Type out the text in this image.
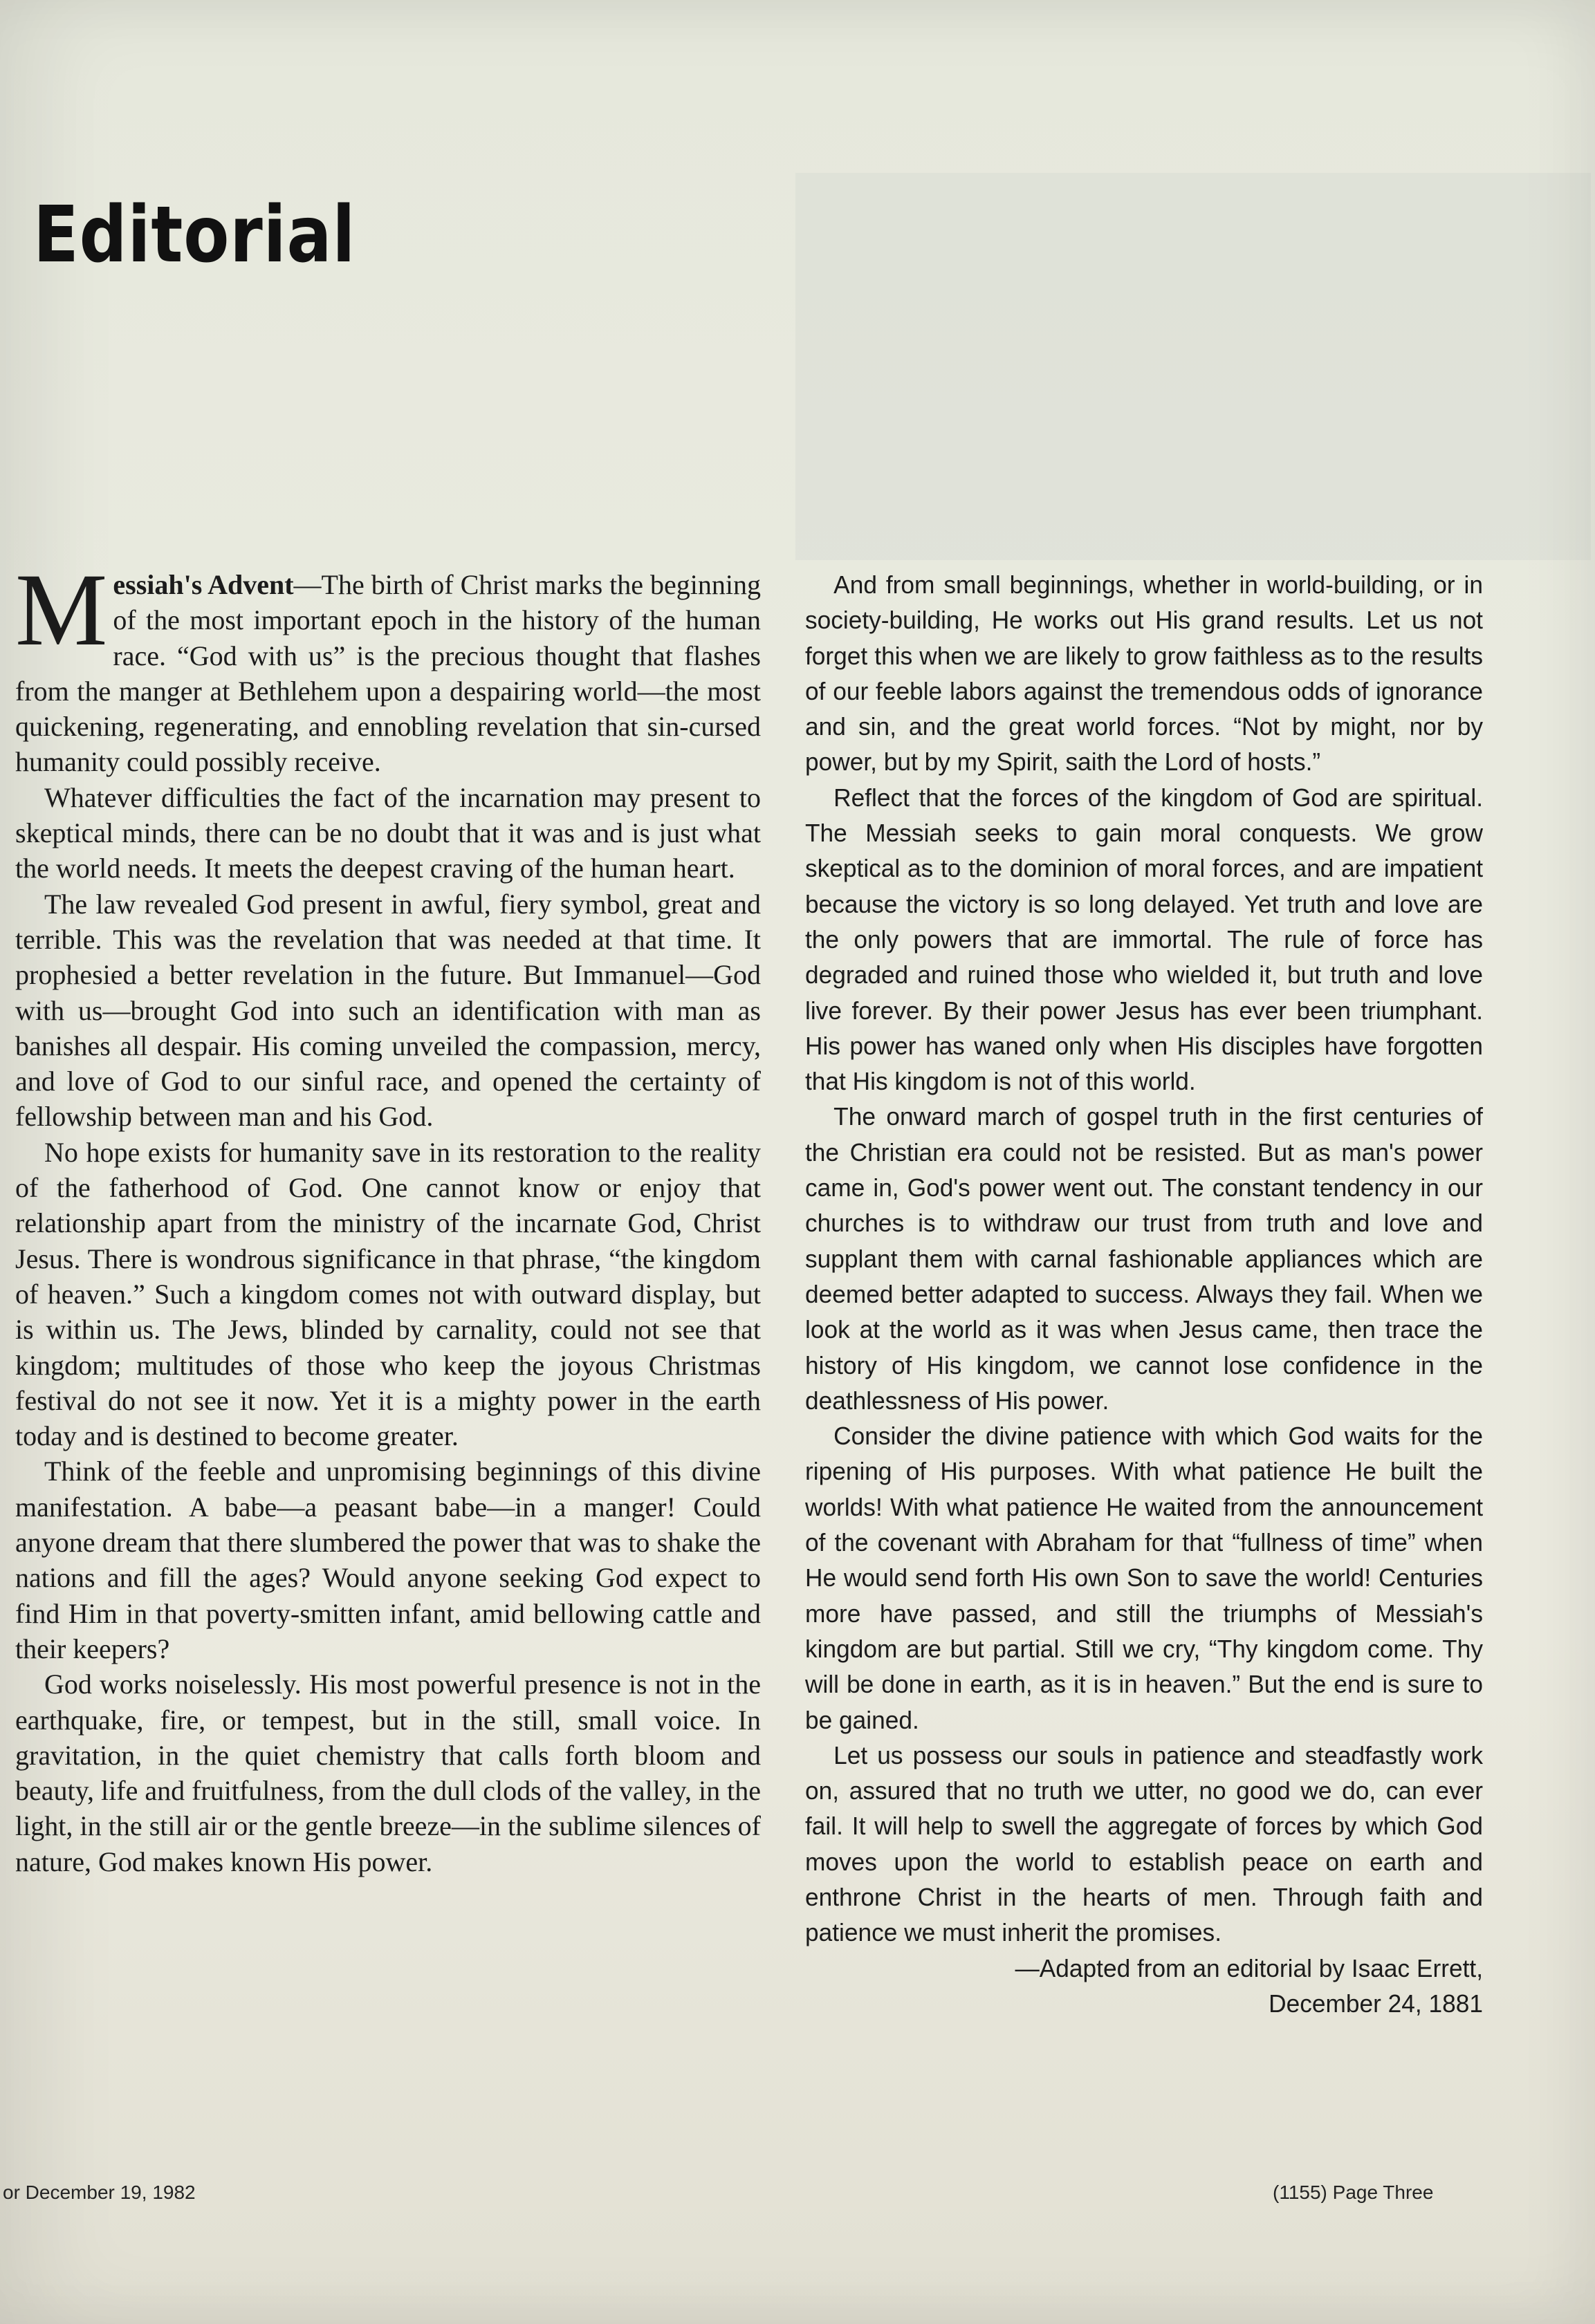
Editorial

Messiah's Advent—The birth of Christ marks the beginning of the most important epoch in the history of the human race. “God with us” is the precious thought that flashes from the manger at Bethlehem upon a despairing world—the most quickening, regenerating, and ennobling revelation that sin-cursed humanity could possibly receive.

Whatever difficulties the fact of the incarnation may present to skeptical minds, there can be no doubt that it was and is just what the world needs. It meets the deepest craving of the human heart.

The law revealed God present in awful, fiery symbol, great and terrible. This was the revelation that was needed at that time. It prophesied a better revelation in the future. But Immanuel—God with us—brought God into such an identification with man as banishes all despair. His coming unveiled the compassion, mercy, and love of God to our sinful race, and opened the certainty of fellowship between man and his God.

No hope exists for humanity save in its restoration to the reality of the fatherhood of God. One cannot know or enjoy that relationship apart from the ministry of the incarnate God, Christ Jesus. There is wondrous significance in that phrase, “the kingdom of heaven.” Such a kingdom comes not with outward display, but is within us. The Jews, blinded by carnality, could not see that kingdom; multitudes of those who keep the joyous Christmas festival do not see it now. Yet it is a mighty power in the earth today and is destined to become greater.

Think of the feeble and unpromising beginnings of this divine manifestation. A babe—a peasant babe—in a manger! Could anyone dream that there slumbered the power that was to shake the nations and fill the ages? Would anyone seeking God expect to find Him in that poverty-smitten infant, amid bellowing cattle and their keepers?

God works noiselessly. His most powerful presence is not in the earthquake, fire, or tempest, but in the still, small voice. In gravitation, in the quiet chemistry that calls forth bloom and beauty, life and fruitfulness, from the dull clods of the valley, in the light, in the still air or the gentle breeze—in the sublime silences of nature, God makes known His power.

And from small beginnings, whether in world-building, or in society-building, He works out His grand results. Let us not forget this when we are likely to grow faithless as to the results of our feeble labors against the tremendous odds of ignorance and sin, and the great world forces. “Not by might, nor by power, but by my Spirit, saith the Lord of hosts.”

Reflect that the forces of the kingdom of God are spiritual. The Messiah seeks to gain moral conquests. We grow skeptical as to the dominion of moral forces, and are impatient because the victory is so long delayed. Yet truth and love are the only powers that are immortal. The rule of force has degraded and ruined those who wielded it, but truth and love live forever. By their power Jesus has ever been triumphant. His power has waned only when His disciples have forgotten that His kingdom is not of this world.

The onward march of gospel truth in the first centuries of the Christian era could not be resisted. But as man's power came in, God's power went out. The constant tendency in our churches is to withdraw our trust from truth and love and supplant them with carnal fashionable appliances which are deemed better adapted to success. Always they fail. When we look at the world as it was when Jesus came, then trace the history of His kingdom, we cannot lose confidence in the deathlessness of His power.

Consider the divine patience with which God waits for the ripening of His purposes. With what patience He built the worlds! With what patience He waited from the announcement of the covenant with Abraham for that “fullness of time” when He would send forth His own Son to save the world! Centuries more have passed, and still the triumphs of Messiah's kingdom are but partial. Still we cry, “Thy kingdom come. Thy will be done in earth, as it is in heaven.” But the end is sure to be gained.

Let us possess our souls in patience and steadfastly work on, assured that no truth we utter, no good we do, can ever fail. It will help to swell the aggregate of forces by which God moves upon the world to establish peace on earth and enthrone Christ in the hearts of men. Through faith and patience we must inherit the promises.

—Adapted from an editorial by Isaac Errett,

December 24, 1881

or December 19, 1982	(1155) Page Three
